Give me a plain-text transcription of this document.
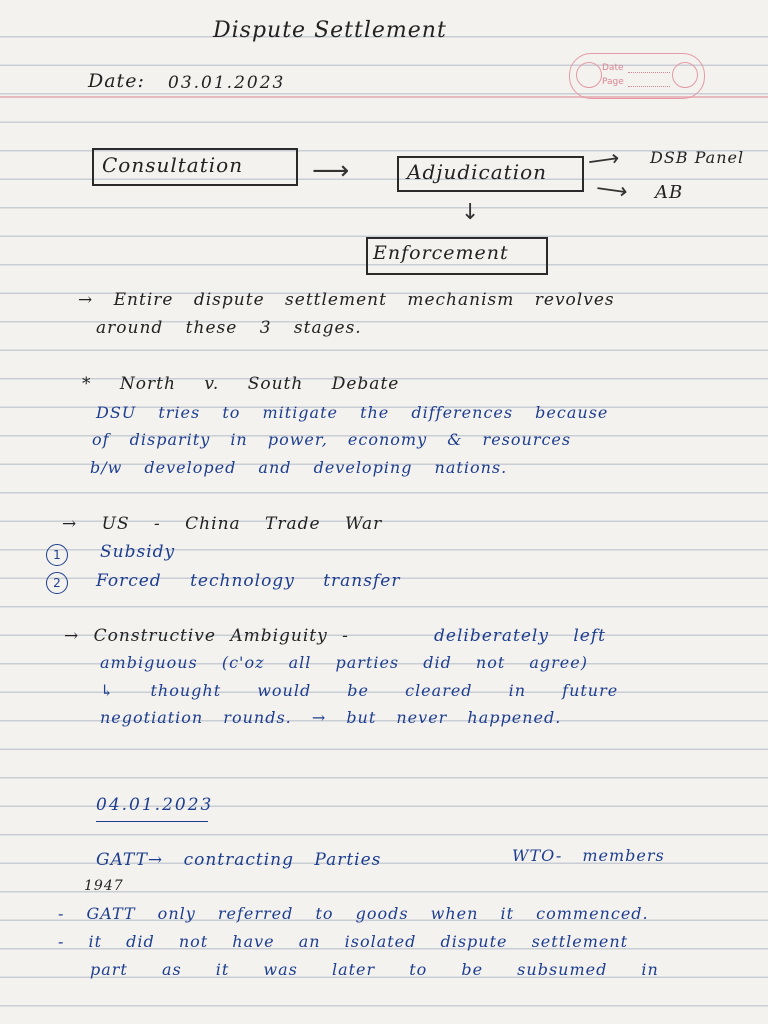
Dispute Settlement
Date: 03.01.2023
Date
Page
Consultation	⟶	Adjudication ⟶ DSB Panel
⟶ AB
↓
Enforcement
→ Entire dispute settlement mechanism revolves
around these 3 stages.
* North v. South Debate
DSU tries to mitigate the differences because
of disparity in power, economy & resources
b/w developed and developing nations.
→ US - China Trade War
1	Subsidy
2	Forced technology transfer
→ Constructive Ambiguity -	deliberately left
ambiguous (c'oz all parties did not agree)
↳ thought would be cleared in future
negotiation rounds. → but never happened.
04.01.2023
GATT→ contracting Parties	WTO- members
1947
- GATT only referred to goods when it commenced.
- it did not have an isolated dispute settlement
part as it was later to be subsumed in
